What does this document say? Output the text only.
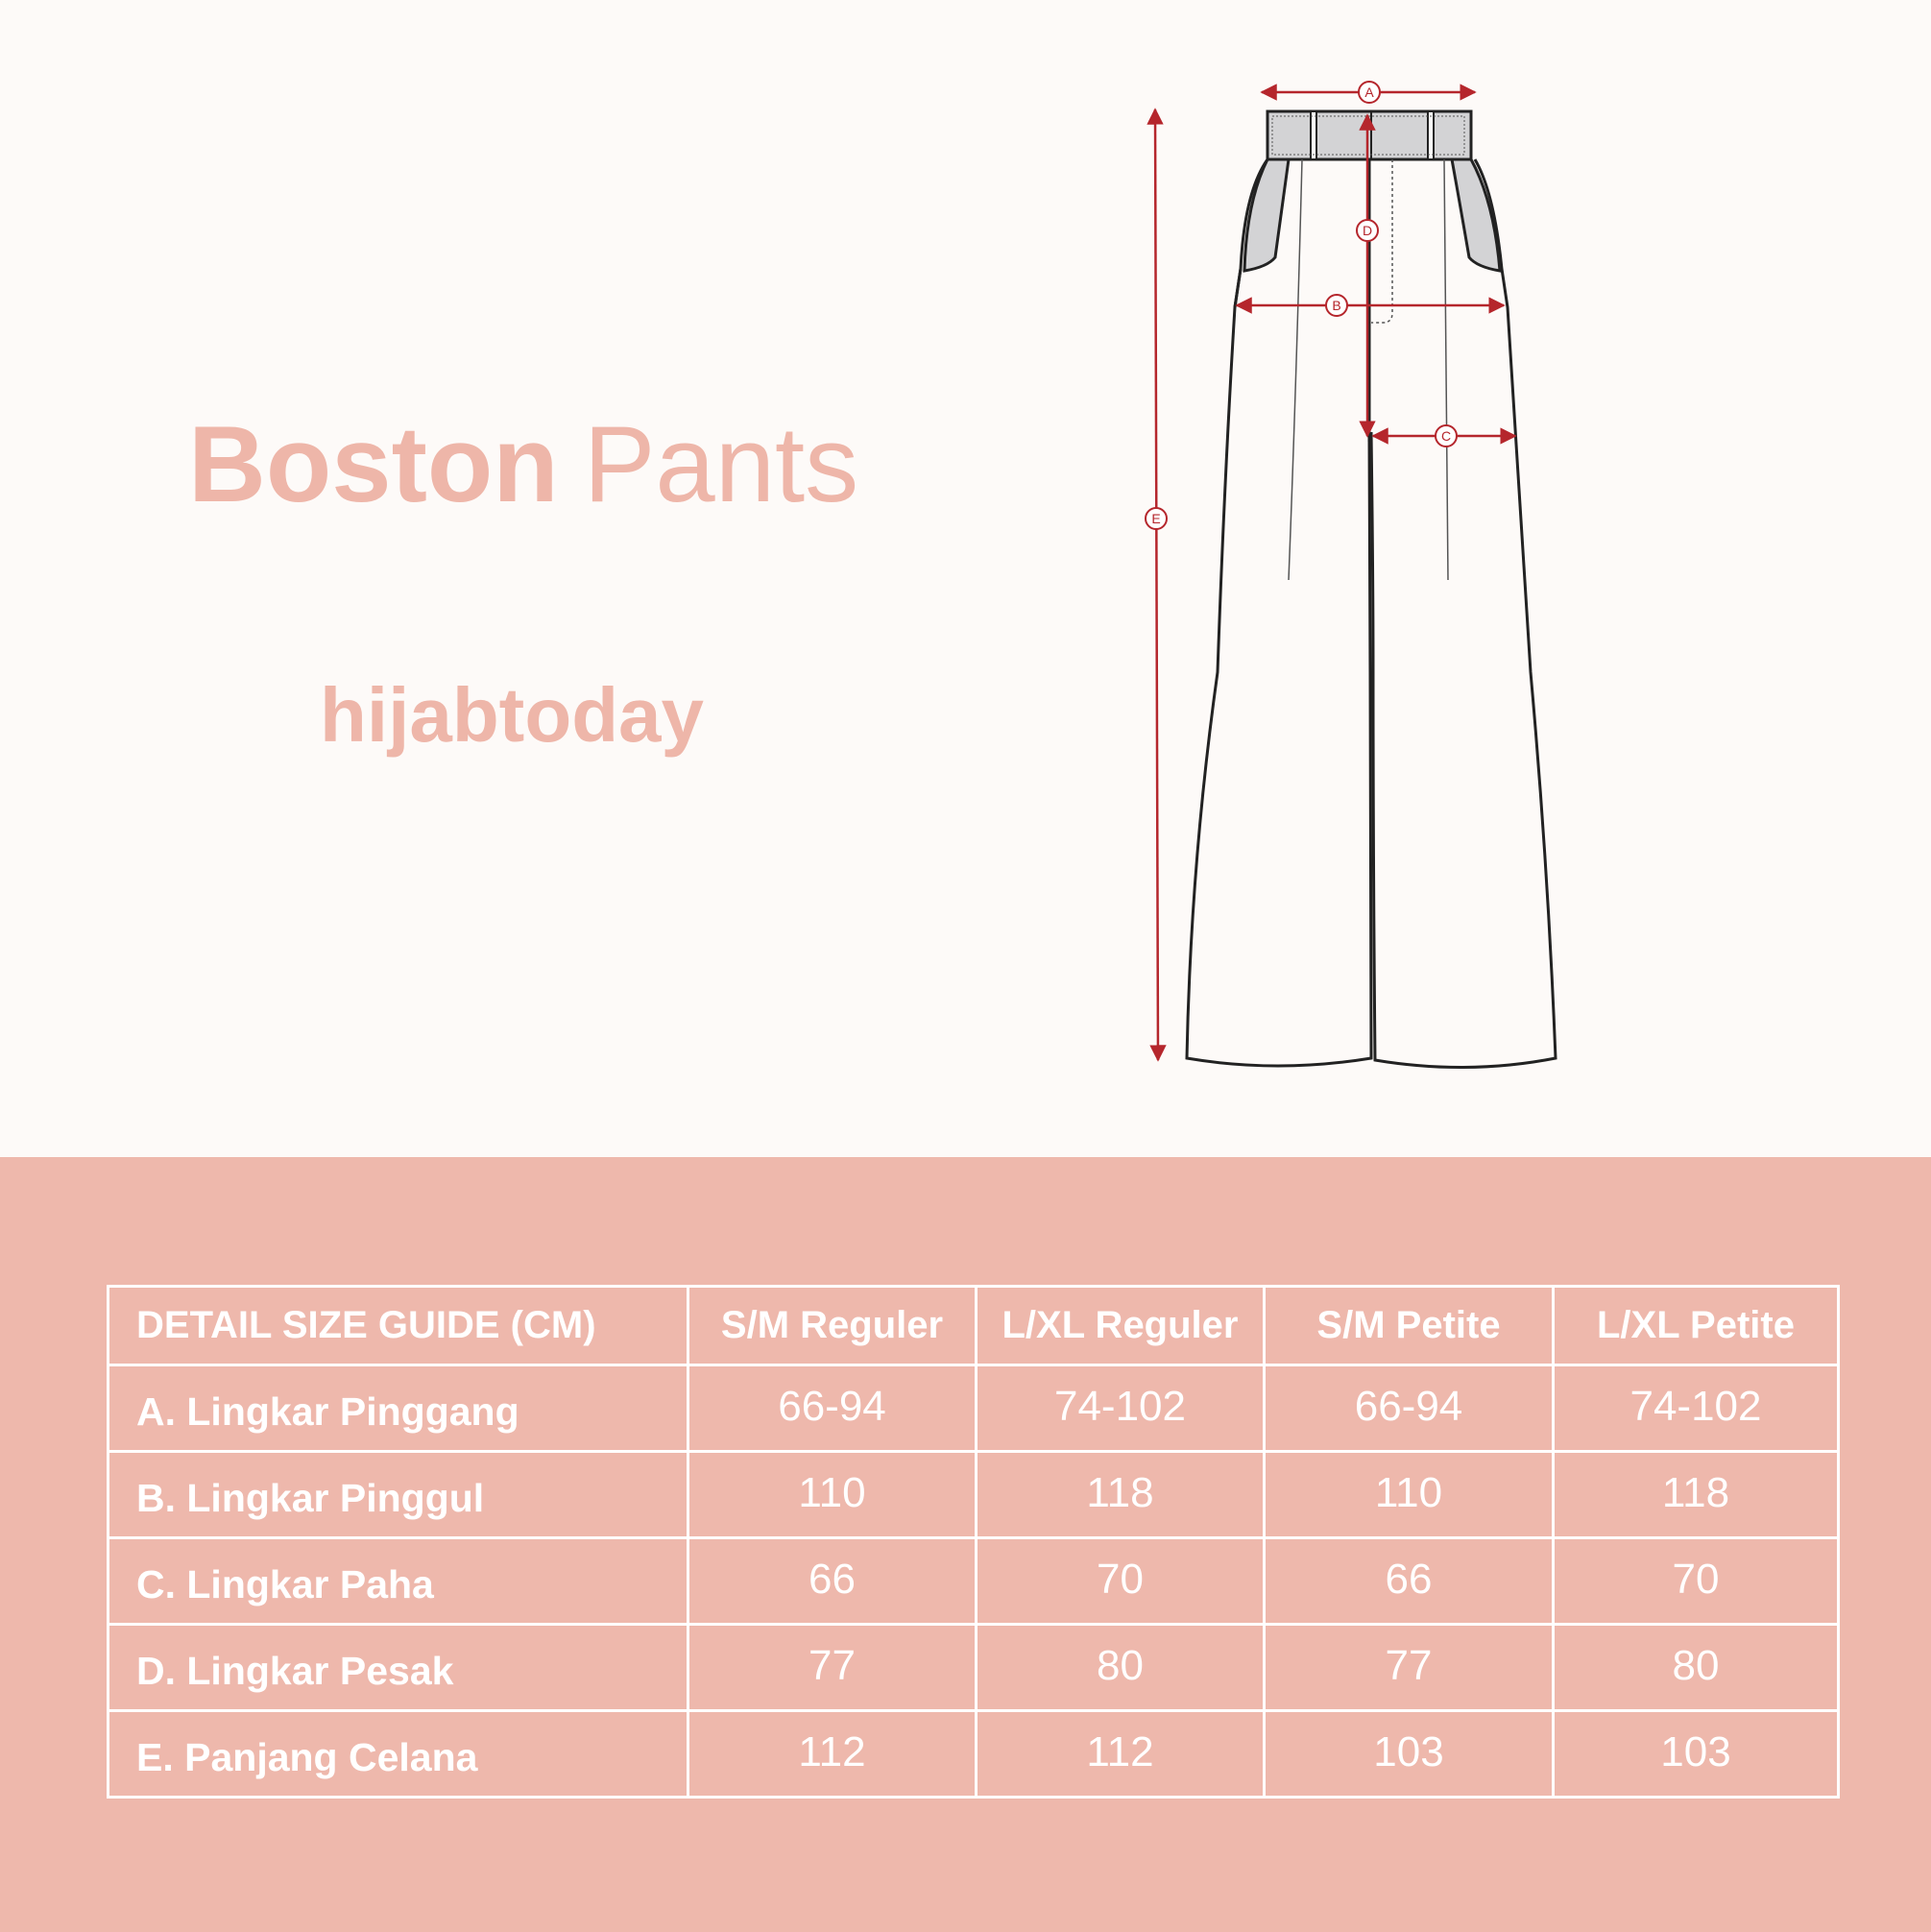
Boston Pants
hijabtoday
A
B
C
D
E
DETAIL SIZE GUIDE (CM)	S/M Reguler	L/XL Reguler	S/M Petite	L/XL Petite
A. Lingkar Pinggang	66-94	74-102	66-94	74-102
B. Lingkar Pinggul	110	118	110	118
C. Lingkar Paha	66	70	66	70
D. Lingkar Pesak	77	80	77	80
E. Panjang Celana	112	112	103	103
